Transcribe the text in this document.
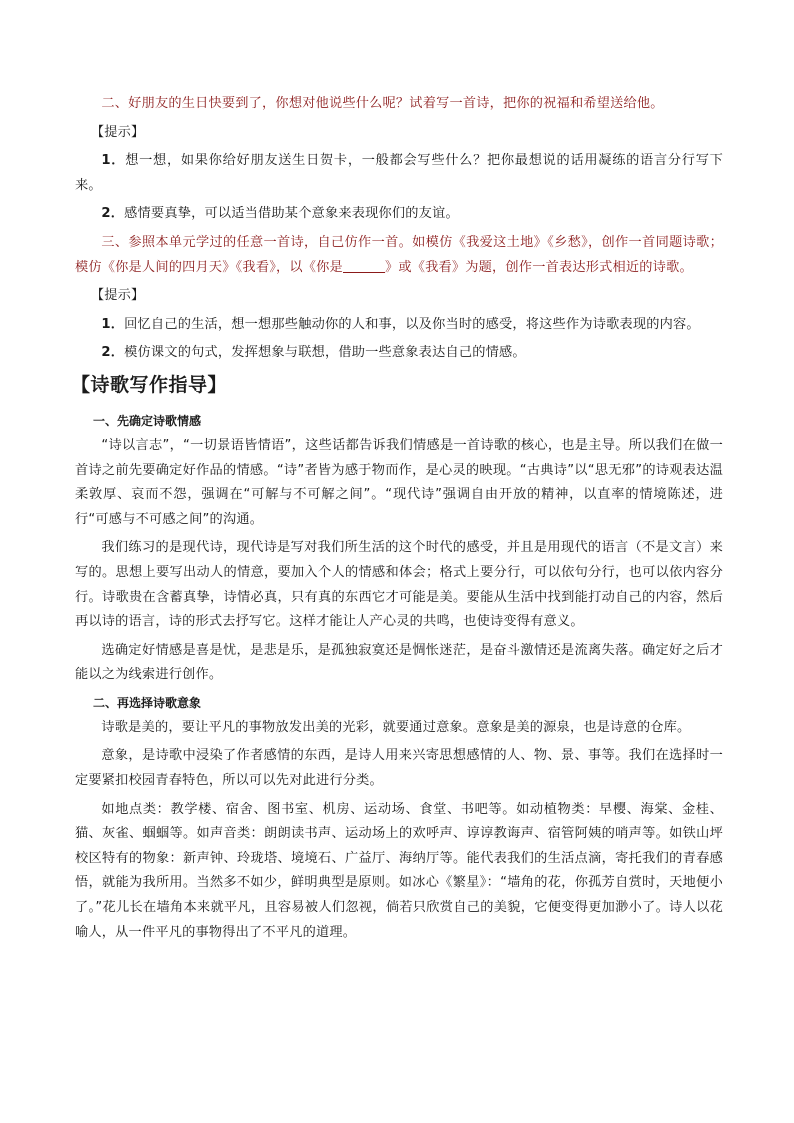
二、好朋友的生日快要到了，你想对他说些什么呢？试着写一首诗，把你的祝福和希望送给他。

【提示】

1．想一想，如果你给好朋友送生日贺卡，一般都会写些什么？把你最想说的话用凝练的语言分行写下来。

2．感情要真挚，可以适当借助某个意象来表现你们的友谊。

三、参照本单元学过的任意一首诗，自己仿作一首。如模仿《我爱这土地》《乡愁》，创作一首同题诗歌；模仿《你是人间的四月天》《我看》，以《你是	》或《我看》为题，创作一首表达形式相近的诗歌。

【提示】

1．回忆自己的生活，想一想那些触动你的人和事，以及你当时的感受，将这些作为诗歌表现的内容。

2．模仿课文的句式，发挥想象与联想，借助一些意象表达自己的情感。

【诗歌写作指导】

一、先确定诗歌情感

“诗以言志”，“一切景语皆情语”，这些话都告诉我们情感是一首诗歌的核心，也是主导。所以我们在做一首诗之前先要确定好作品的情感。“诗”者皆为感于物而作，是心灵的映现。“古典诗”以“思无邪”的诗观表达温柔敦厚、哀而不怨，强调在“可解与不可解之间”。“现代诗”强调自由开放的精神，以直率的情境陈述，进行“可感与不可感之间”的沟通。

我们练习的是现代诗，现代诗是写对我们所生活的这个时代的感受，并且是用现代的语言（不是文言）来写的。思想上要写出动人的情意，要加入个人的情感和体会；格式上要分行，可以依句分行，也可以依内容分行。诗歌贵在含蓄真挚，诗情必真，只有真的东西它才可能是美。要能从生活中找到能打动自己的内容，然后再以诗的语言，诗的形式去抒写它。这样才能让人产心灵的共鸣，也使诗变得有意义。

选确定好情感是喜是忧，是悲是乐，是孤独寂寞还是惆怅迷茫，是奋斗激情还是流离失落。确定好之后才能以之为线索进行创作。

二、再选择诗歌意象

诗歌是美的，要让平凡的事物放发出美的光彩，就要通过意象。意象是美的源泉，也是诗意的仓库。

意象，是诗歌中浸染了作者感情的东西，是诗人用来兴寄思想感情的人、物、景、事等。我们在选择时一定要紧扣校园青春特色，所以可以先对此进行分类。

如地点类：教学楼、宿舍、图书室、机房、运动场、食堂、书吧等。如动植物类：早樱、海棠、金桂、猫、灰雀、蝈蝈等。如声音类：朗朗读书声、运动场上的欢呼声、谆谆教诲声、宿管阿姨的哨声等。如铁山坪校区特有的物象：新声钟、玲珑塔、境境石、广益厅、海纳厅等。能代表我们的生活点滴，寄托我们的青春感悟，就能为我所用。当然多不如少，鲜明典型是原则。如冰心《繁星》：“墙角的花，你孤芳自赏时，天地便小了。”花儿长在墙角本来就平凡，且容易被人们忽视，倘若只欣赏自己的美貌，它便变得更加渺小了。诗人以花喻人，从一件平凡的事物得出了不平凡的道理。
